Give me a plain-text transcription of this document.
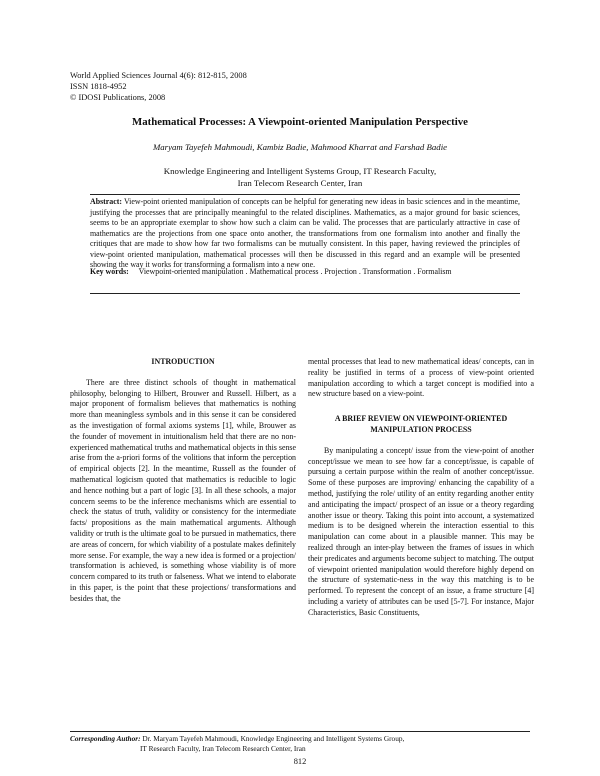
World Applied Sciences Journal 4(6): 812-815, 2008
ISSN 1818-4952
© IDOSI Publications, 2008
Mathematical Processes: A Viewpoint-oriented Manipulation Perspective
Maryam Tayefeh Mahmoudi, Kambiz Badie, Mahmood Kharrat and Farshad Badie
Knowledge Engineering and Intelligent Systems Group, IT Research Faculty,
Iran Telecom Research Center, Iran
Abstract: View-point oriented manipulation of concepts can be helpful for generating new ideas in basic sciences and in the meantime, justifying the processes that are principally meaningful to the related disciplines. Mathematics, as a major ground for basic sciences, seems to be an appropriate exemplar to show how such a claim can be valid. The processes that are particularly attractive in case of mathematics are the projections from one space onto another, the transformations from one formalism into another and finally the critiques that are made to show how far two formalisms can be mutually consistent. In this paper, having reviewed the principles of view-point oriented manipulation, mathematical processes will then be discussed in this regard and an example will be presented showing the way it works for transforming a formalism into a new one.
Key words: Viewpoint-oriented manipulation . Mathematical process . Projection . Transformation . Formalism
INTRODUCTION

There are three distinct schools of thought in mathematical philosophy, belonging to Hilbert, Brouwer and Russell. Hilbert, as a major proponent of formalism believes that mathematics is nothing more than meaningless symbols and in this sense it can be considered as the investigation of formal axioms systems [1], while, Brouwer as the founder of movement in intuitionalism held that there are no non-experienced mathematical truths and mathematical objects in this sense arise from the a-priori forms of the volitions that inform the perception of empirical objects [2]. In the meantime, Russell as the founder of mathematical logicism quoted that mathematics is reducible to logic and hence nothing but a part of logic [3]. In all these schools, a major concern seems to be the inference mechanisms which are essential to check the status of truth, validity or consistency for the intermediate facts/ propositions as the main mathematical arguments. Although validity or truth is the ultimate goal to be pursued in mathematics, there are areas of concern, for which viability of a postulate makes definitely more sense. For example, the way a new idea is formed or a projection/ transformation is achieved, is something whose viability is of more concern compared to its truth or falseness. What we intend to elaborate in this paper, is the point that these projections/ transformations and besides that, the

mental processes that lead to new mathematical ideas/ concepts, can in reality be justified in terms of a process of view-point oriented manipulation according to which a target concept is modified into a new structure based on a view-point.

A BRIEF REVIEW ON VIEWPOINT-ORIENTED
MANIPULATION PROCESS

By manipulating a concept/ issue from the view-point of another concept/issue we mean to see how far a concept/issue, is capable of pursuing a certain purpose within the realm of another concept/issue. Some of these purposes are improving/ enhancing the capability of a method, justifying the role/ utility of an entity regarding another entity and anticipating the impact/ prospect of an issue or a theory regarding another issue or theory. Taking this point into account, a systematized medium is to be designed wherein the interaction essential to this manipulation can come about in a plausible manner. This may be realized through an inter-play between the frames of issues in which their predicates and arguments become subject to matching. The output of viewpoint oriented manipulation would therefore highly depend on the structure of systematic-ness in the way this matching is to be performed. To represent the concept of an issue, a frame structure [4] including a variety of attributes can be used [5-7]. For instance, Major Characteristics, Basic Constituents,

Corresponding Author: Dr. Maryam Tayefeh Mahmoudi, Knowledge Engineering and Intelligent Systems Group,
IT Research Faculty, Iran Telecom Research Center, Iran
812
